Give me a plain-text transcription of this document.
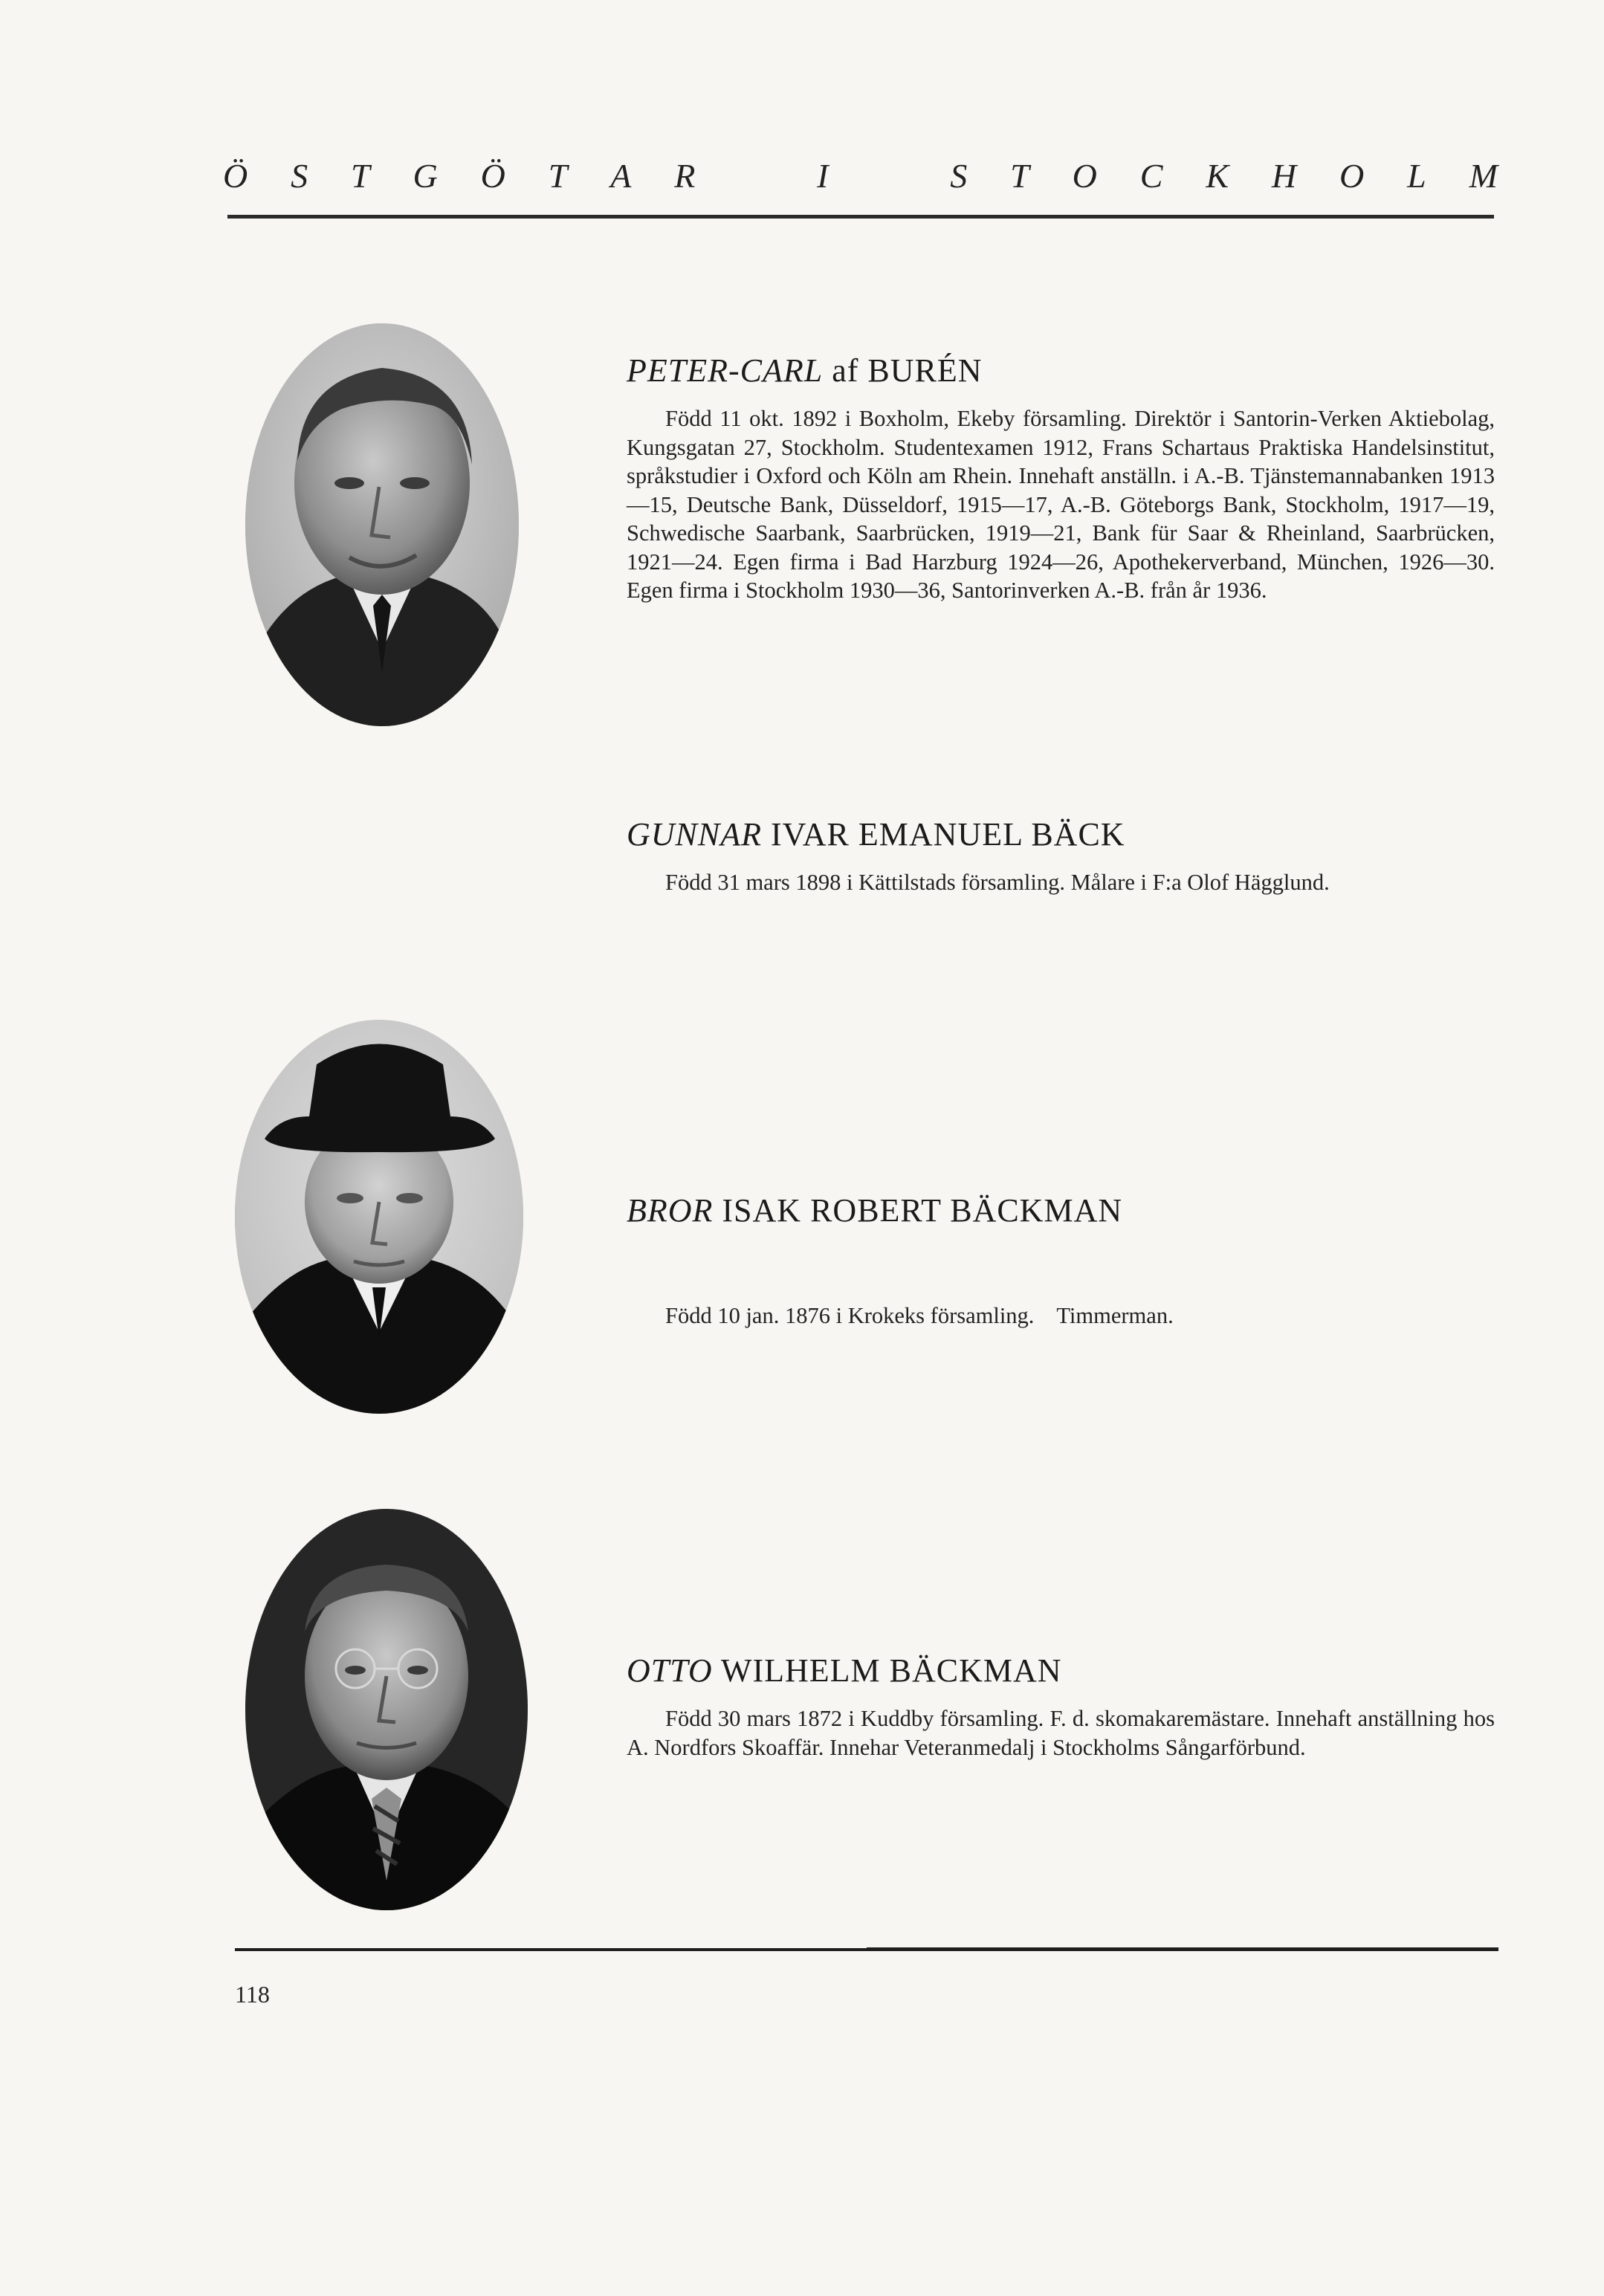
Ö S T G Ö T A R	I	S T O C K H O L M
PETER-CARL af BURÉN

Född 11 okt. 1892 i Boxholm, Ekeby församling. Direktör i Santorin-Verken Aktiebolag, Kungsgatan 27, Stockholm. Studentexamen 1912, Frans Schartaus Praktiska Handelsinstitut, språkstudier i Oxford och Köln am Rhein. Innehaft anställn. i A.-B. Tjänstemannabanken 1913—15, Deutsche Bank, Düsseldorf, 1915—17, A.-B. Göteborgs Bank, Stockholm, 1917—19, Schwedische Saarbank, Saarbrücken, 1919—21, Bank für Saar & Rheinland, Saarbrücken, 1921—24. Egen firma i Bad Harzburg 1924—26, Apothekerverband, München, 1926—30. Egen firma i Stockholm 1930—36, Santorinverken A.-B. från år 1936.

GUNNAR IVAR EMANUEL BÄCK

Född 31 mars 1898 i Kättilstads församling. Målare i F:a Olof Hägglund.

BROR ISAK ROBERT BÄCKMAN

Född 10 jan. 1876 i Krokeks församling.    Timmerman.

OTTO WILHELM BÄCKMAN

Född 30 mars 1872 i Kuddby församling. F. d. skomakaremästare. Innehaft anställning hos A. Nordfors Skoaffär. Innehar Veteranmedalj i Stockholms Sångarförbund.

118
